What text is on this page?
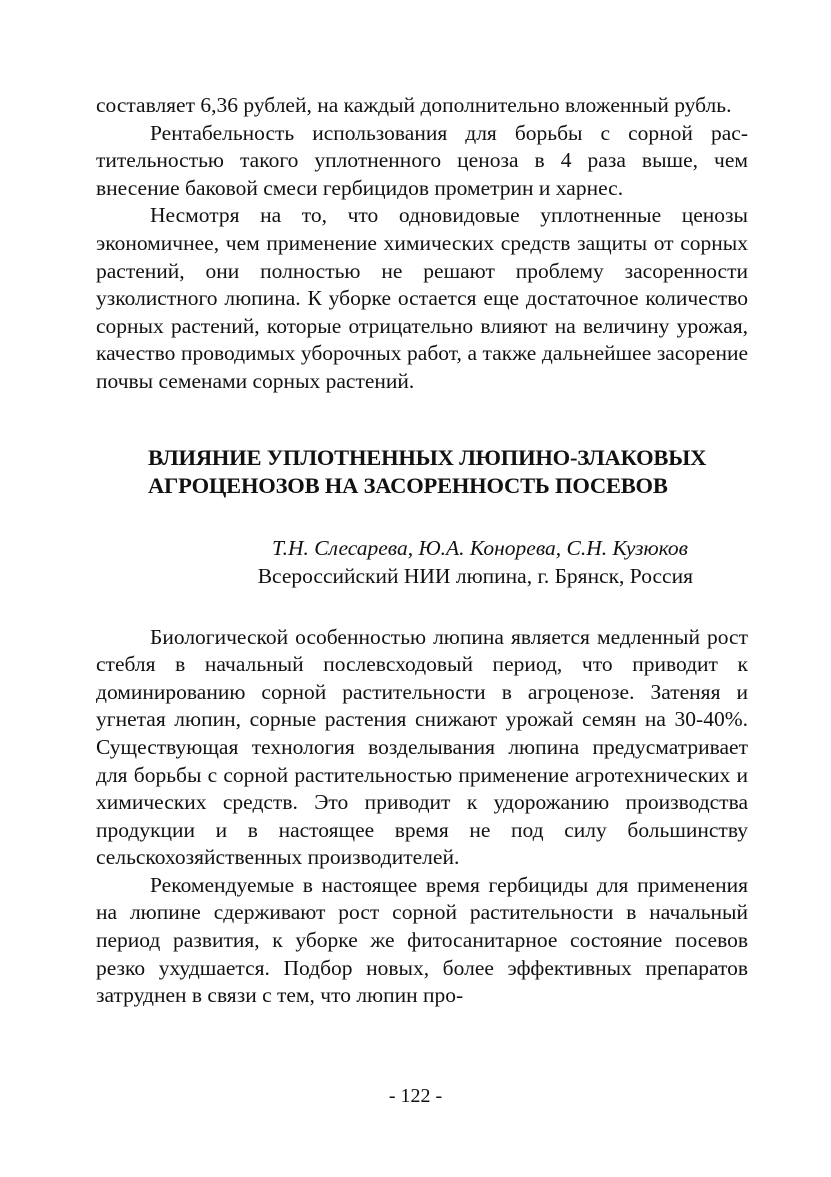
составляет 6,36 рублей, на каждый дополнительно вложенный рубль.

Рентабельность использования для борьбы с сорной растительностью такого уплотненного ценоза в 4 раза выше, чем внесение баковой смеси гербицидов прометрин и харнес.

Несмотря на то, что одновидовые уплотненные ценозы экономичнее, чем применение химических средств защиты от сорных растений, они полностью не решают проблему засоренности узколистного люпина. К уборке остается еще достаточное количество сорных растений, которые отрицательно влияют на величину урожая, качество проводимых уборочных работ, а также дальнейшее засорение почвы семенами сорных растений.

ВЛИЯНИЕ УПЛОТНЕННЫХ ЛЮПИНО-ЗЛАКОВЫХ
АГРОЦЕНОЗОВ НА ЗАСОРЕННОСТЬ ПОСЕВОВ

Т.Н. Слесарева, Ю.А. Конорева, С.Н. Кузюков

Всероссийский НИИ люпина, г. Брянск, Россия

Биологической особенностью люпина является медленный рост стебля в начальный послевсходовый период, что приводит к доминированию сорной растительности в агроценозе. Затеняя и угнетая люпин, сорные растения снижают урожай семян на 30-40%. Существующая технология возделывания люпина предусматривает для борьбы с сорной растительностью применение агротехнических и химических средств. Это приводит к удорожанию производства продукции и в настоящее время не под силу большинству сельскохозяйственных производителей.

Рекомендуемые в настоящее время гербициды для применения на люпине сдерживают рост сорной растительности в начальный период развития, к уборке же фитосанитарное состояние посевов резко ухудшается. Подбор новых, более эффективных препаратов затруднен в связи с тем, что люпин про-

- 122 -
